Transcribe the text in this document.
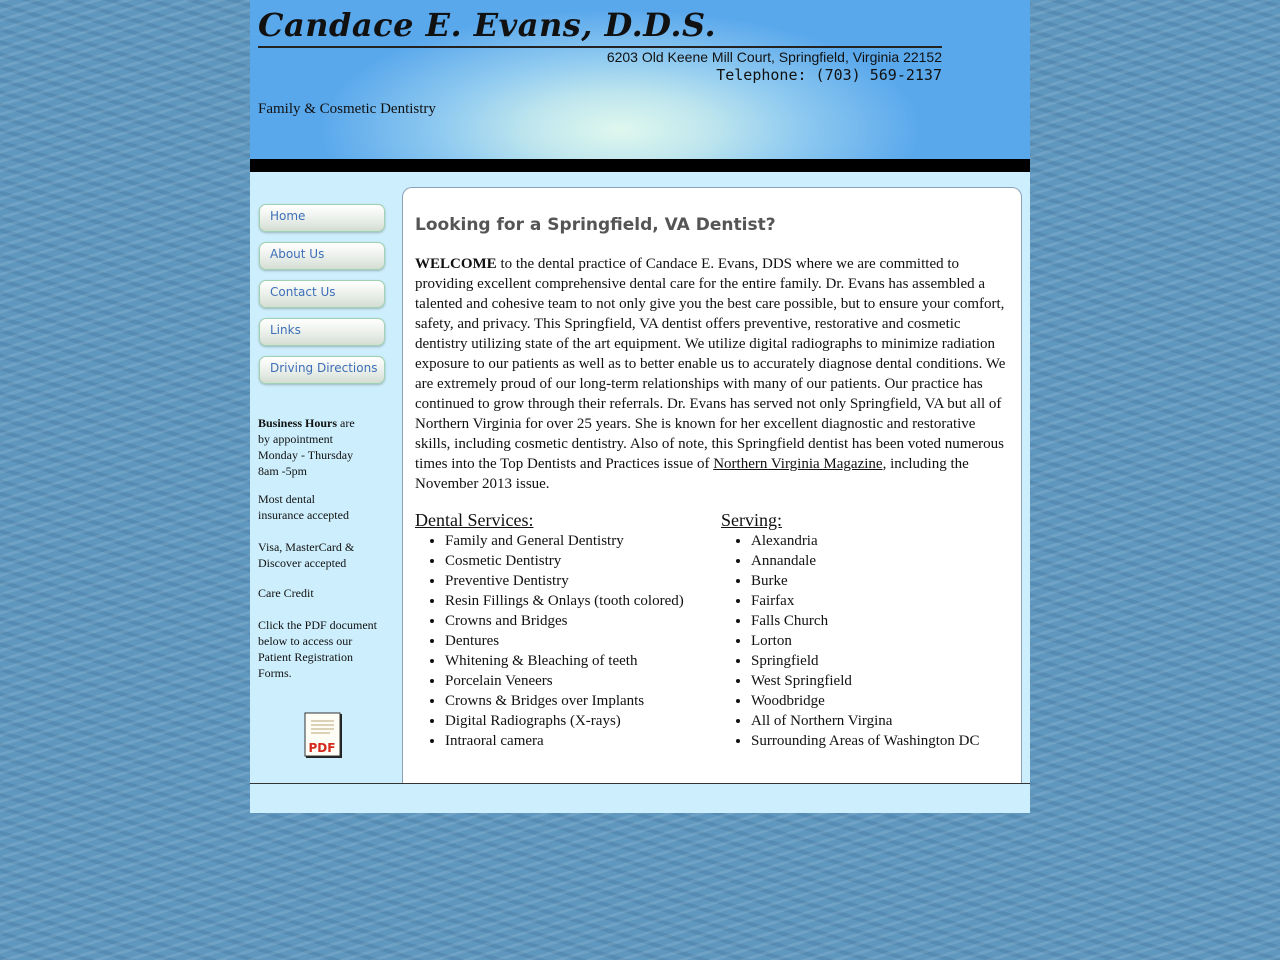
Candace E. Evans, D.D.S.
6203 Old Keene Mill Court, Springfield, Virginia 22152
Telephone: (703) 569-2137
Family & Cosmetic Dentistry
Home
About Us
Contact Us
Links
Driving Directions

Business Hours are

by appointment

Monday - Thursday

8am -5pm

Most dental

insurance accepted

Visa, MasterCard &

Discover accepted

Care Credit

Click the PDF document

below to access our

Patient Registration

Forms.

PDF
Looking for a Springfield, VA Dentist?

WELCOME to the dental practice of Candace E. Evans, DDS where we are committed to providing excellent comprehensive dental care for the entire family. Dr. Evans has assembled a talented and cohesive team to not only give you the best care possible, but to ensure your comfort, safety, and privacy. This Springfield, VA dentist offers preventive, restorative and cosmetic dentistry utilizing state of the art equipment. We utilize digital radiographs to minimize radiation exposure to our patients as well as to better enable us to accurately diagnose dental conditions. We are extremely proud of our long-term relationships with many of our patients. Our practice has continued to grow through their referrals. Dr. Evans has served not only Springfield, VA but all of Northern Virginia for over 25 years. She is known for her excellent diagnostic and restorative skills, including cosmetic dentistry. Also of note, this Springfield dentist has been voted numerous times into the Top Dentists and Practices issue of Northern Virginia Magazine, including the November 2013 issue.

Dental Services:
• Family and General Dentistry
• Cosmetic Dentistry
• Preventive Dentistry
• Resin Fillings & Onlays (tooth colored)
• Crowns and Bridges
• Dentures
• Whitening & Bleaching of teeth
• Porcelain Veneers
• Crowns & Bridges over Implants
• Digital Radiographs (X-rays)
• Intraoral camera
Serving:
• Alexandria
• Annandale
• Burke
• Fairfax
• Falls Church
• Lorton
• Springfield
• West Springfield
• Woodbridge
• All of Northern Virgina
• Surrounding Areas of Washington DC
